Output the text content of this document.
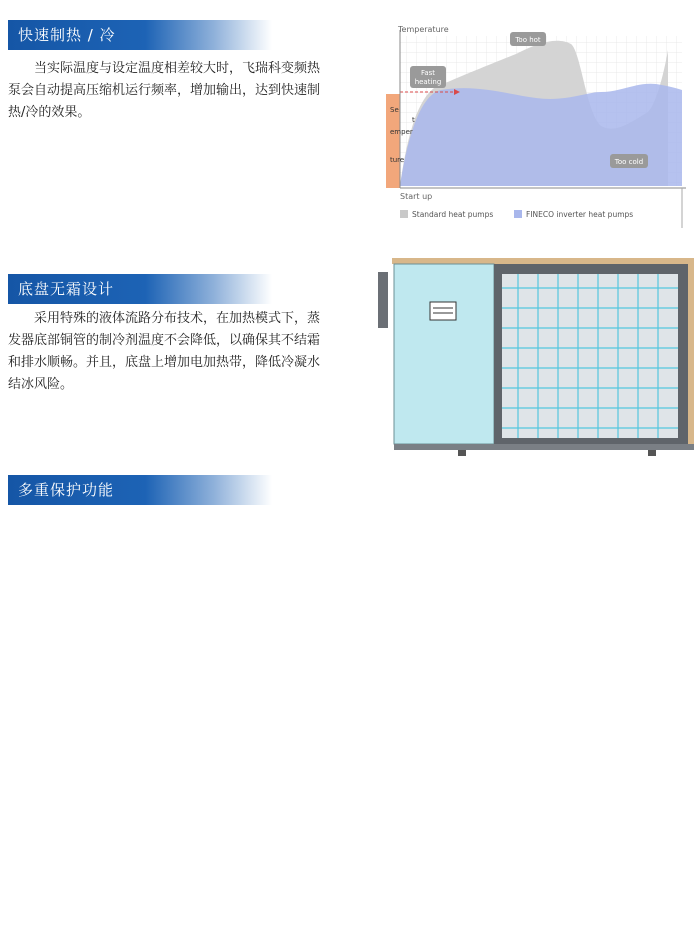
快速制热 / 冷

当实际温度与设定温度相差较大时，飞瑞科变频热泵会自动提高压缩机运行频率，增加输出，达到快速制热/冷的效果。

Temperature
Start up
Se
t
emper
ture
Fast
heating
Too hot
Too cold
Standard heat pumps	FINECO inverter heat pumps
底盘无霜设计

采用特殊的液体流路分布技术，在加热模式下，蒸发器底部铜管的制冷剂温度不会降低，以确保其不结霜和排水顺畅。并且，底盘上增加电加热带，降低冷凝水结冰风险。

多重保护功能
